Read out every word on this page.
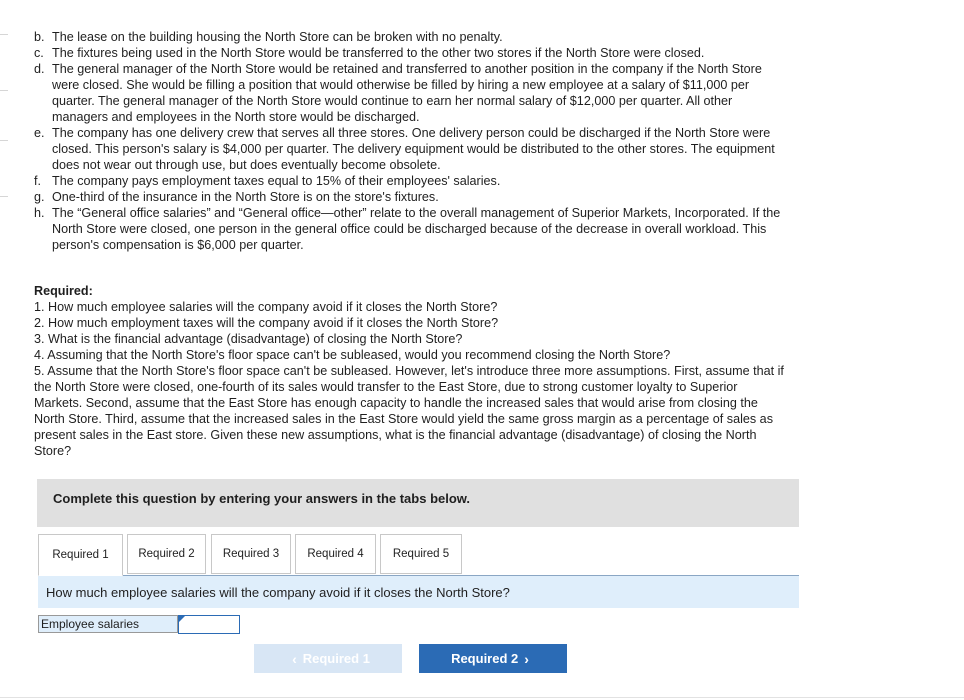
b. The lease on the building housing the North Store can be broken with no penalty.
c. The fixtures being used in the North Store would be transferred to the other two stores if the North Store were closed.
d. The general manager of the North Store would be retained and transferred to another position in the company if the North Store
were closed. She would be filling a position that would otherwise be filled by hiring a new employee at a salary of $11,000 per
quarter. The general manager of the North Store would continue to earn her normal salary of $12,000 per quarter. All other
managers and employees in the North store would be discharged.
e. The company has one delivery crew that serves all three stores. One delivery person could be discharged if the North Store were
closed. This person's salary is $4,000 per quarter. The delivery equipment would be distributed to the other stores. The equipment
does not wear out through use, but does eventually become obsolete.
f. The company pays employment taxes equal to 15% of their employees' salaries.
g. One-third of the insurance in the North Store is on the store's fixtures.
h. The “General office salaries” and “General office—other” relate to the overall management of Superior Markets, Incorporated. If the
North Store were closed, one person in the general office could be discharged because of the decrease in overall workload. This
person's compensation is $6,000 per quarter.
Required:
1. How much employee salaries will the company avoid if it closes the North Store?
2. How much employment taxes will the company avoid if it closes the North Store?
3. What is the financial advantage (disadvantage) of closing the North Store?
4. Assuming that the North Store's floor space can't be subleased, would you recommend closing the North Store?
5. Assume that the North Store's floor space can't be subleased. However, let's introduce three more assumptions. First, assume that if
the North Store were closed, one-fourth of its sales would transfer to the East Store, due to strong customer loyalty to Superior
Markets. Second, assume that the East Store has enough capacity to handle the increased sales that would arise from closing the
North Store. Third, assume that the increased sales in the East Store would yield the same gross margin as a percentage of sales as
present sales in the East store. Given these new assumptions, what is the financial advantage (disadvantage) of closing the North
Store?
Complete this question by entering your answers in the tabs below.
Required 1	Required 2	Required 3	Required 4	Required 5
How much employee salaries will the company avoid if it closes the North Store?
Employee salaries
‹ Required 1	Required 2 ›
